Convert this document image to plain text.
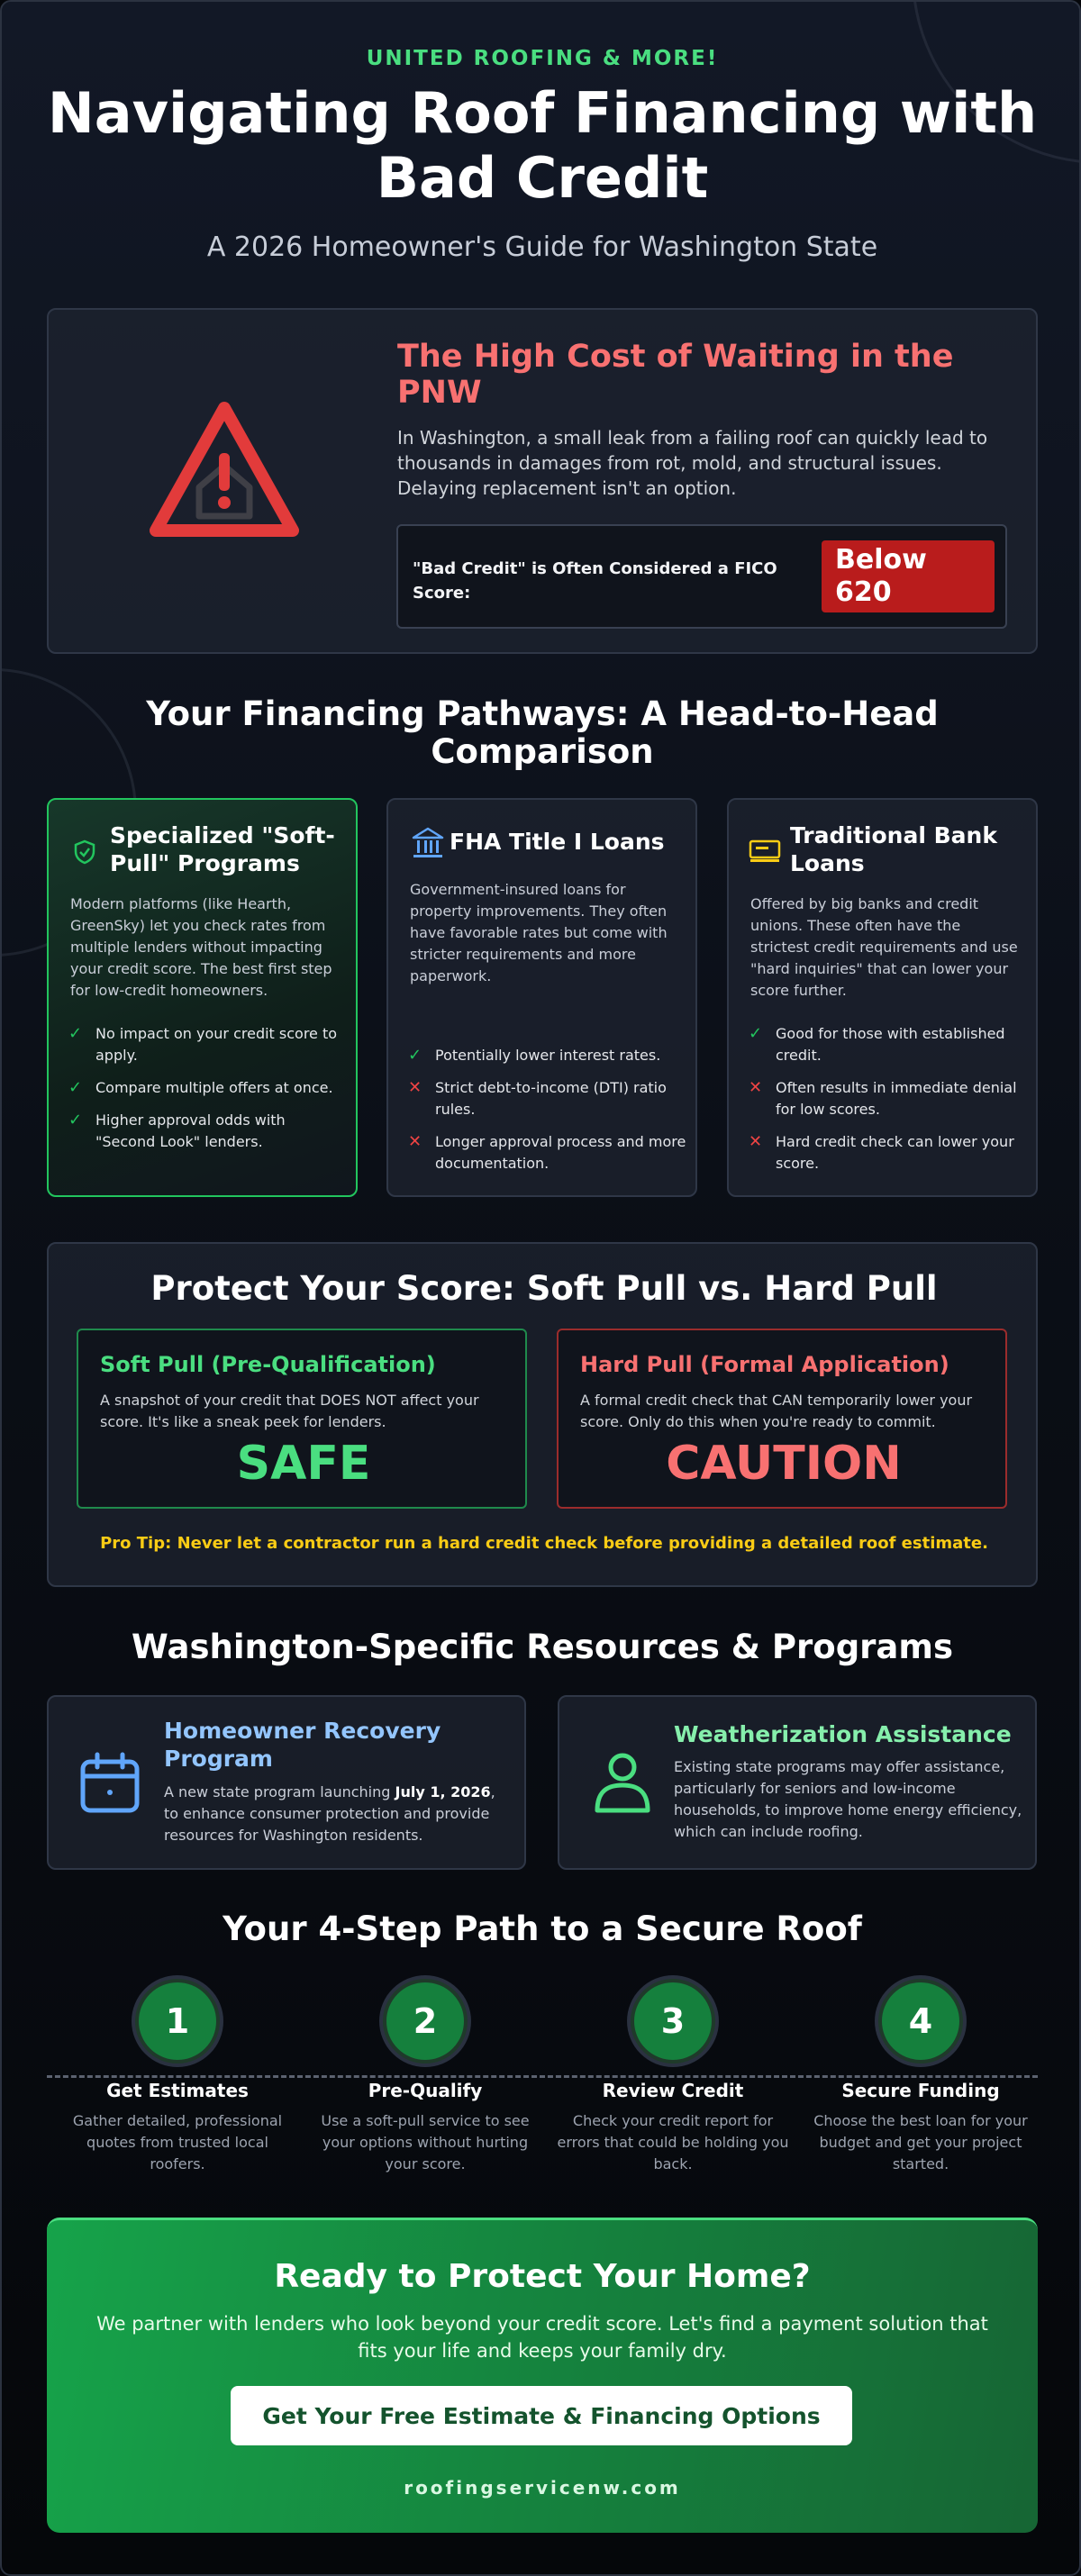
UNITED ROOFING & MORE!
Navigating Roof Financing with Bad Credit
A 2026 Homeowner's Guide for Washington State
The High Cost of Waiting in the PNW
In Washington, a small leak from a failing roof can quickly lead to thousands in damages from rot, mold, and structural issues. Delaying replacement isn't an option.
"Bad Credit" is Often Considered a FICO Score:
Below 620
Your Financing Pathways: A Head-to-Head Comparison
Specialized "Soft-Pull" Programs
Modern platforms (like Hearth, GreenSky) let you check rates from multiple lenders without impacting your credit score. The best first step for low-credit homeowners.
✓ No impact on your credit score to apply.
✓ Compare multiple offers at once.
✓ Higher approval odds with "Second Look" lenders.
FHA Title I Loans
Government-insured loans for property improvements. They often have favorable rates but come with stricter requirements and more paperwork.
✓ Potentially lower interest rates.
✕ Strict debt-to-income (DTI) ratio rules.
✕ Longer approval process and more documentation.
Traditional Bank Loans
Offered by big banks and credit unions. These often have the strictest credit requirements and use "hard inquiries" that can lower your score further.
✓ Good for those with established credit.
✕ Often results in immediate denial for low scores.
✕ Hard credit check can lower your score.
Protect Your Score: Soft Pull vs. Hard Pull
Soft Pull (Pre-Qualification)
A snapshot of your credit that DOES NOT affect your score. It's like a sneak peek for lenders.
SAFE
Hard Pull (Formal Application)
A formal credit check that CAN temporarily lower your score. Only do this when you're ready to commit.
CAUTION
Pro Tip: Never let a contractor run a hard credit check before providing a detailed roof estimate.
Washington-Specific Resources & Programs
Homeowner Recovery Program
A new state program launching July 1, 2026, to enhance consumer protection and provide resources for Washington residents.
Weatherization Assistance
Existing state programs may offer assistance, particularly for seniors and low-income households, to improve home energy efficiency, which can include roofing.
Your 4-Step Path to a Secure Roof
1
Get Estimates
Gather detailed, professional quotes from trusted local roofers.
2
Pre-Qualify
Use a soft-pull service to see your options without hurting your score.
3
Review Credit
Check your credit report for errors that could be holding you back.
4
Secure Funding
Choose the best loan for your budget and get your project started.
Ready to Protect Your Home?
We partner with lenders who look beyond your credit score. Let's find a payment solution that fits your life and keeps your family dry.
Get Your Free Estimate & Financing Options
roofingservicenw.com
